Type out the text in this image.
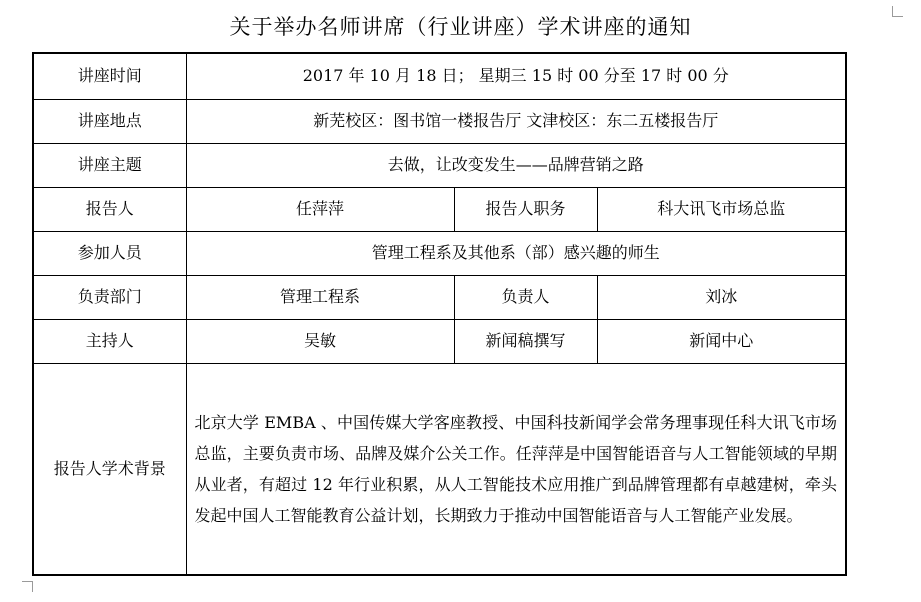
关于举办名师讲席（行业讲座）学术讲座的通知
讲座时间	2017 年 10 月 18 日； 星期三 15 时 00 分至 17 时 00 分		
讲座地点	新芜校区：图书馆一楼报告厅 文津校区：东二五楼报告厅		
讲座主题	去做，让改变发生——品牌营销之路		
报告人	任萍萍	报告人职务	科大讯飞市场总监
参加人员	管理工程系及其他系（部）感兴趣的师生		
负责部门	管理工程系	负责人	刘冰
主持人	吴敏	新闻稿撰写	新闻中心
报告人学术背景	北京大学 EMBA 、中国传媒大学客座教授、中国科技新闻学会常务理事现任科大讯飞市场总监，主要负责市场、品牌及媒介公关工作。任萍萍是中国智能语音与人工智能领域的早期从业者，有超过 12 年行业积累，从人工智能技术应用推广到品牌管理都有卓越建树，牵头发起中国人工智能教育公益计划，长期致力于推动中国智能语音与人工智能产业发展。		
